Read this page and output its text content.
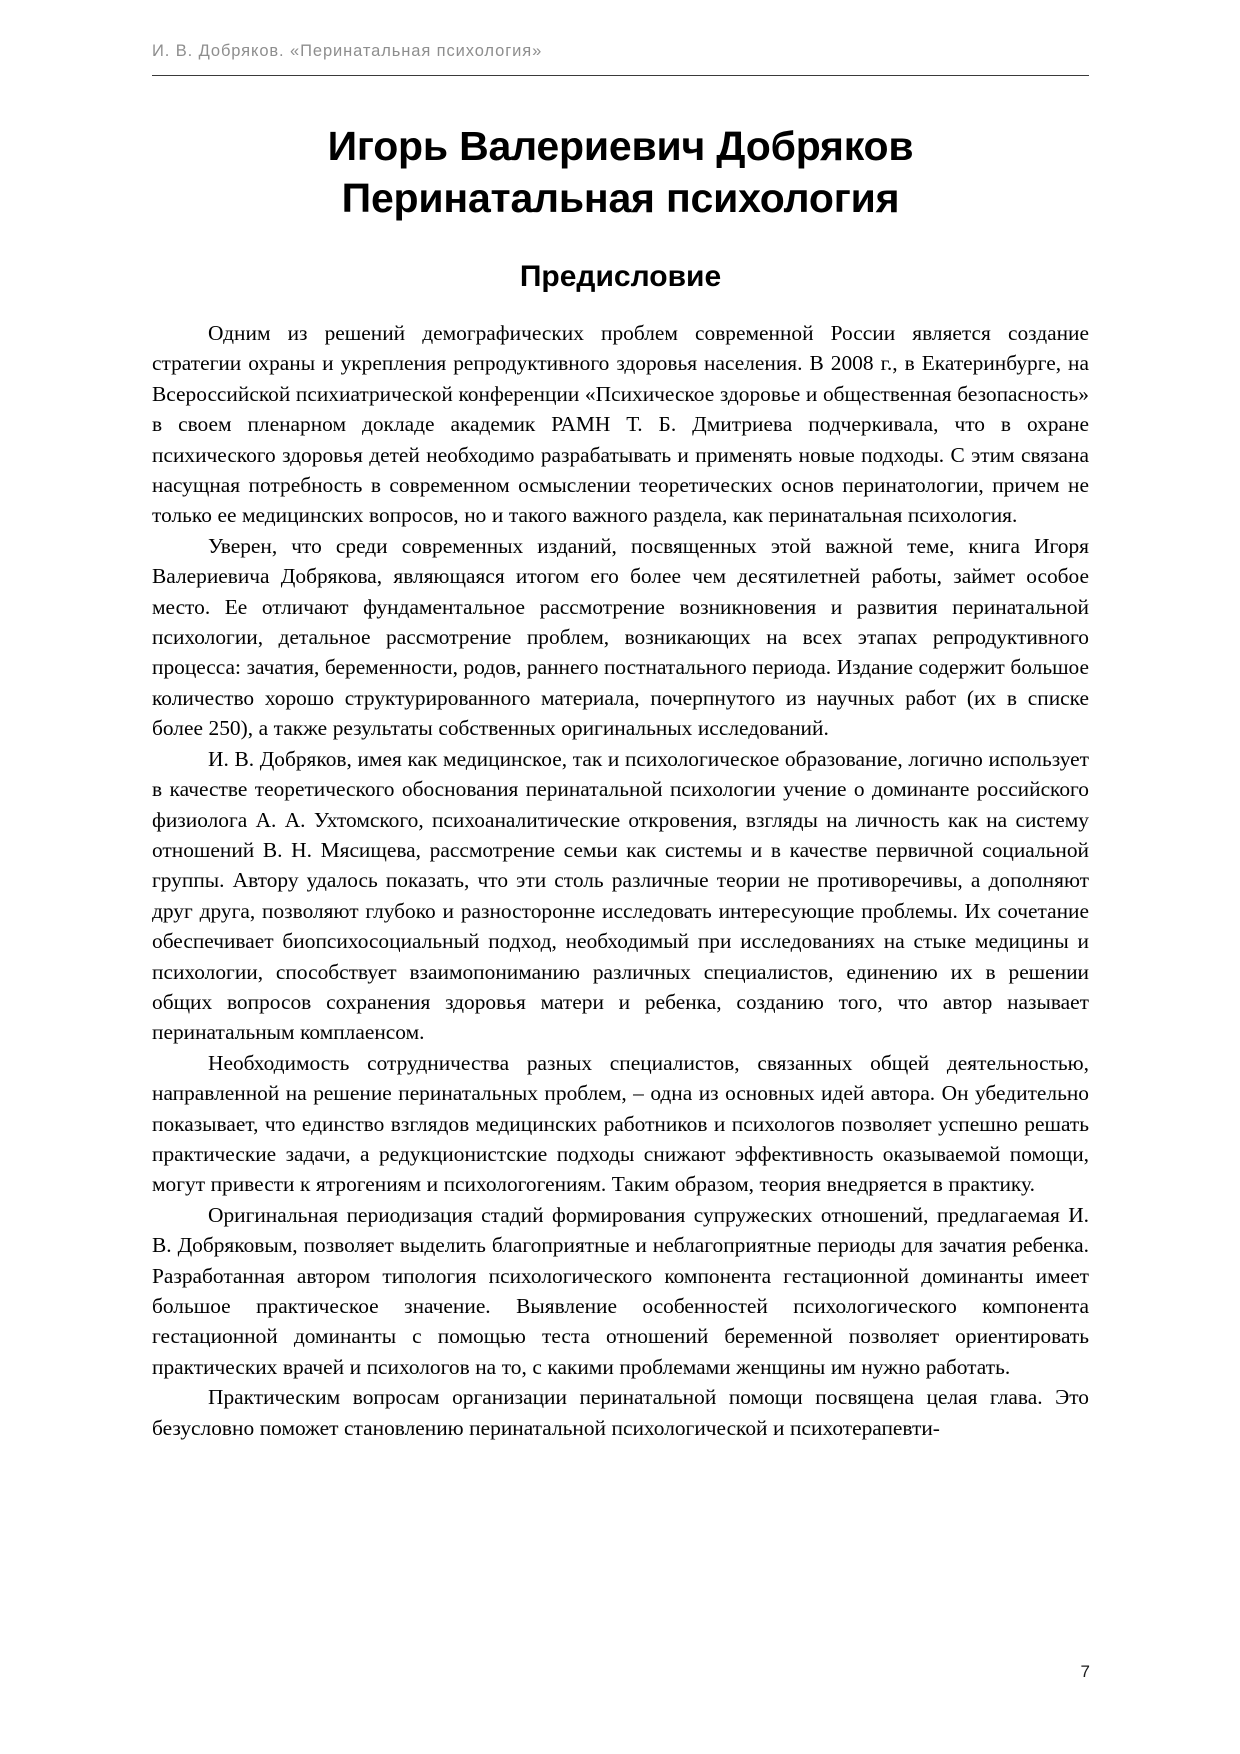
И. В. Добряков. «Перинатальная психология»
Игорь Валериевич Добряков
Перинатальная психология
Предисловие

Одним из решений демографических проблем современной России является создание стратегии охраны и укрепления репродуктивного здоровья населения. В 2008 г., в Екатеринбурге, на Всероссийской психиатрической конференции «Психическое здоровье и общественная безопасность» в своем пленарном докладе академик РАМН Т. Б. Дмитриева подчеркивала, что в охране психического здоровья детей необходимо разрабатывать и применять новые подходы. С этим связана насущная потребность в современном осмыслении теоретических основ перинатологии, причем не только ее медицинских вопросов, но и такого важного раздела, как перинатальная психология.

Уверен, что среди современных изданий, посвященных этой важной теме, книга Игоря Валериевича Добрякова, являющаяся итогом его более чем десятилетней работы, займет особое место. Ее отличают фундаментальное рассмотрение возникновения и развития перинатальной психологии, детальное рассмотрение проблем, возникающих на всех этапах репродуктивного процесса: зачатия, беременности, родов, раннего постнатального периода. Издание содержит большое количество хорошо структурированного материала, почерпнутого из научных работ (их в списке более 250), а также результаты собственных оригинальных исследований.

И. В. Добряков, имея как медицинское, так и психологическое образование, логично использует в качестве теоретического обоснования перинатальной психологии учение о доминанте российского физиолога А. А. Ухтомского, психоаналитические откровения, взгляды на личность как на систему отношений В. Н. Мясищева, рассмотрение семьи как системы и в качестве первичной социальной группы. Автору удалось показать, что эти столь различные теории не противоречивы, а дополняют друг друга, позволяют глубоко и разносторонне исследовать интересующие проблемы. Их сочетание обеспечивает биопсихосоциальный подход, необходимый при исследованиях на стыке медицины и психологии, способствует взаимопониманию различных специалистов, единению их в решении общих вопросов сохранения здоровья матери и ребенка, созданию того, что автор называет перинатальным комплаенсом.

Необходимость сотрудничества разных специалистов, связанных общей деятельностью, направленной на решение перинатальных проблем, – одна из основных идей автора. Он убедительно показывает, что единство взглядов медицинских работников и психологов позволяет успешно решать практические задачи, а редукционистские подходы снижают эффективность оказываемой помощи, могут привести к ятрогениям и психологогениям. Таким образом, теория внедряется в практику.

Оригинальная периодизация стадий формирования супружеских отношений, предлагаемая И. В. Добряковым, позволяет выделить благоприятные и неблагоприятные периоды для зачатия ребенка. Разработанная автором типология психологического компонента гестационной доминанты имеет большое практическое значение. Выявление особенностей психологического компонента гестационной доминанты с помощью теста отношений беременной позволяет ориентировать практических врачей и психологов на то, с какими проблемами женщины им нужно работать.

Практическим вопросам организации перинатальной помощи посвящена целая глава. Это безусловно поможет становлению перинатальной психологической и психотерапевти-

7
